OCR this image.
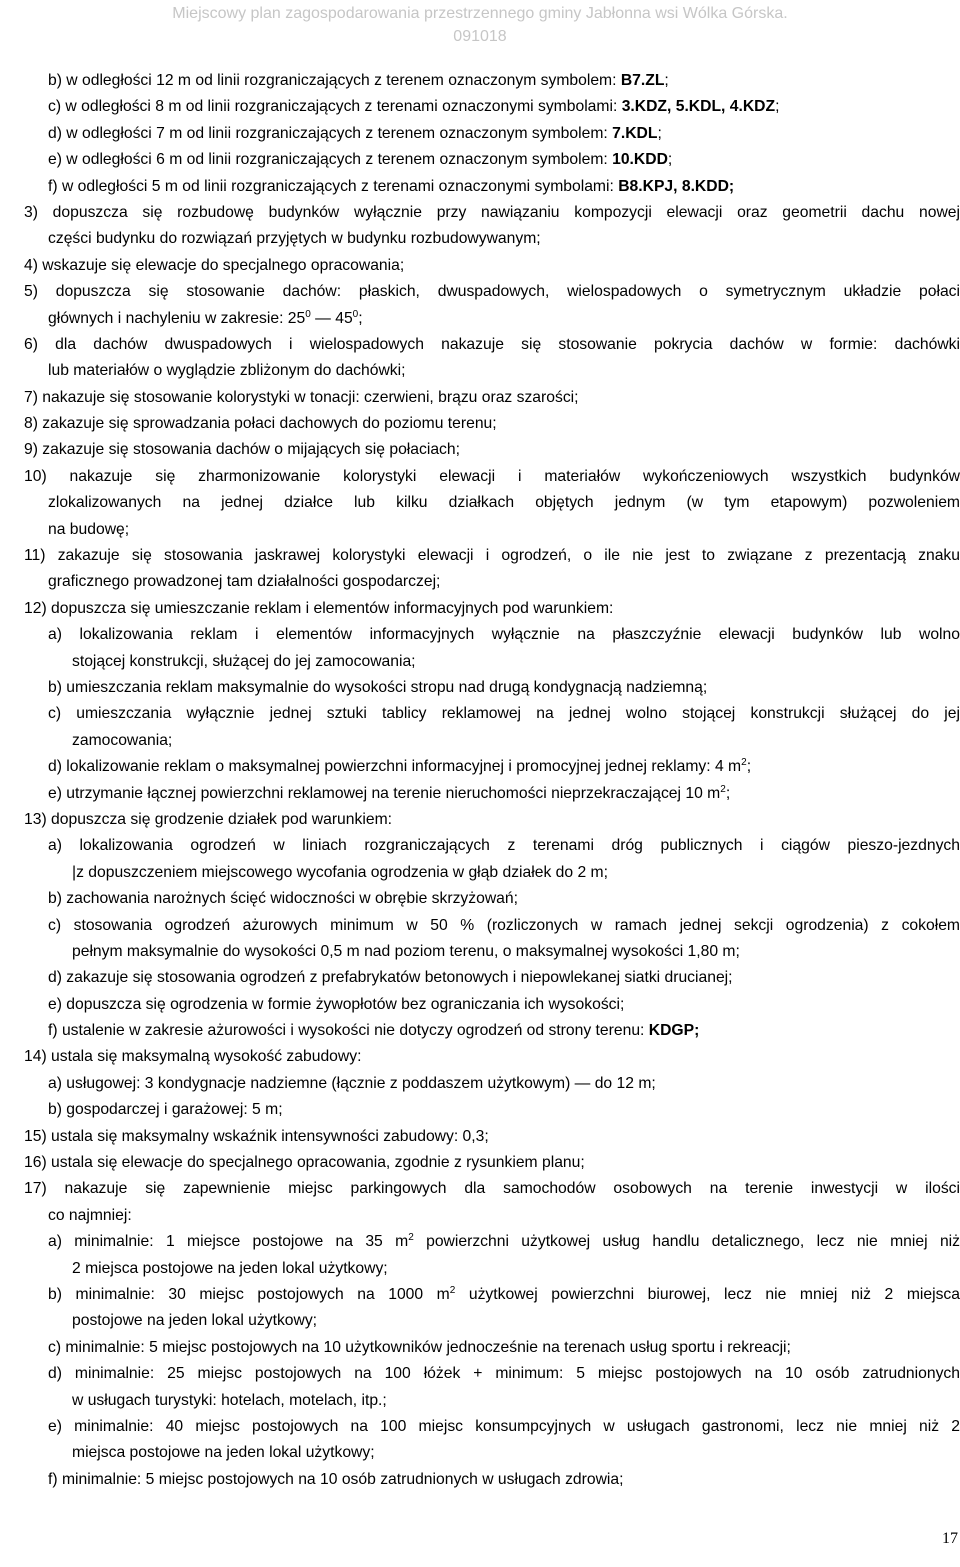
Miejscowy plan zagospodarowania przestrzennego gminy Jabłonna wsi Wólka Górska.
091018
b) w odległości 12 m od linii rozgraniczających z terenem oznaczonym symbolem: B7.ZL;
c) w odległości 8 m od linii rozgraniczających z terenami oznaczonymi symbolami: 3.KDZ, 5.KDL, 4.KDZ;
d) w odległości 7 m od linii rozgraniczających z terenem oznaczonym symbolem: 7.KDL;
e) w odległości 6 m od linii rozgraniczających z terenem oznaczonym symbolem: 10.KDD;
f) w odległości 5 m od linii rozgraniczających z terenami oznaczonymi symbolami: B8.KPJ, 8.KDD;
3) dopuszcza się rozbudowę budynków wyłącznie przy nawiązaniu kompozycji elewacji oraz geometrii dachu nowej
części budynku do rozwiązań przyjętych w budynku rozbudowywanym;
4) wskazuje się elewacje do specjalnego opracowania;
5) dopuszcza się stosowanie dachów: płaskich, dwuspadowych, wielospadowych o symetrycznym układzie połaci
głównych i nachyleniu w zakresie: $25^0$ — $45^0$;
6) dla dachów dwuspadowych i wielospadowych nakazuje się stosowanie pokrycia dachów w formie: dachówki
lub materiałów o wyglądzie zbliżonym do dachówki;
7) nakazuje się stosowanie kolorystyki w tonacji: czerwieni, brązu oraz szarości;
8) zakazuje się sprowadzania połaci dachowych do poziomu terenu;
9) zakazuje się stosowania dachów o mijających się połaciach;
10) nakazuje się zharmonizowanie kolorystyki elewacji i materiałów wykończeniowych wszystkich budynków
zlokalizowanych na jednej działce lub kilku działkach objętych jednym (w tym etapowym) pozwoleniem
na budowę;
11) zakazuje się stosowania jaskrawej kolorystyki elewacji i ogrodzeń, o ile nie jest to związane z prezentacją znaku
graficznego prowadzonej tam działalności gospodarczej;
12) dopuszcza się umieszczanie reklam i elementów informacyjnych pod warunkiem:
a) lokalizowania reklam i elementów informacyjnych wyłącznie na płaszczyźnie elewacji budynków lub wolno
stojącej konstrukcji, służącej do jej zamocowania;
b) umieszczania reklam maksymalnie do wysokości stropu nad drugą kondygnacją nadziemną;
c) umieszczania wyłącznie jednej sztuki tablicy reklamowej na jednej wolno stojącej konstrukcji służącej do jej
zamocowania;
d) lokalizowanie reklam o maksymalnej powierzchni informacyjnej i promocyjnej jednej reklamy: 4 $m^2$;
e) utrzymanie łącznej powierzchni reklamowej na terenie nieruchomości nieprzekraczającej 10 $m^2$;
13) dopuszcza się grodzenie działek pod warunkiem:
a) lokalizowania ogrodzeń w liniach rozgraniczających z terenami dróg publicznych i ciągów pieszo-jezdnych
|z dopuszczeniem miejscowego wycofania ogrodzenia w głąb działek do 2 m;
b) zachowania narożnych ścięć widoczności w obrębie skrzyżowań;
c) stosowania ogrodzeń ażurowych minimum w 50 % (rozliczonych w ramach jednej sekcji ogrodzenia) z cokołem
pełnym maksymalnie do wysokości 0,5 m nad poziom terenu, o maksymalnej wysokości 1,80 m;
d) zakazuje się stosowania ogrodzeń z prefabrykatów betonowych i niepowlekanej siatki drucianej;
e) dopuszcza się ogrodzenia w formie żywopłotów bez ograniczania ich wysokości;
f) ustalenie w zakresie ażurowości i wysokości nie dotyczy ogrodzeń od strony terenu: KDGP;
14) ustala się maksymalną wysokość zabudowy:
a) usługowej: 3 kondygnacje nadziemne (łącznie z poddaszem użytkowym) — do 12 m;
b) gospodarczej i garażowej: 5 m;
15) ustala się maksymalny wskaźnik intensywności zabudowy: 0,3;
16) ustala się elewacje do specjalnego opracowania, zgodnie z rysunkiem planu;
17) nakazuje się zapewnienie miejsc parkingowych dla samochodów osobowych na terenie inwestycji w ilości
co najmniej:
a) minimalnie: 1 miejsce postojowe na 35 $m^2$ powierzchni użytkowej usług handlu detalicznego, lecz nie mniej niż
2 miejsca postojowe na jeden lokal użytkowy;
b) minimalnie: 30 miejsc postojowych na 1000 $m^2$ użytkowej powierzchni biurowej, lecz nie mniej niż 2 miejsca
postojowe na jeden lokal użytkowy;
c) minimalnie: 5 miejsc postojowych na 10 użytkowników jednocześnie na terenach usług sportu i rekreacji;
d) minimalnie: 25 miejsc postojowych na 100 łóżek + minimum: 5 miejsc postojowych na 10 osób zatrudnionych
w usługach turystyki: hotelach, motelach, itp.;
e) minimalnie: 40 miejsc postojowych na 100 miejsc konsumpcyjnych w usługach gastronomi, lecz nie mniej niż 2
miejsca postojowe na jeden lokal użytkowy;
f) minimalnie: 5 miejsc postojowych na 10 osób zatrudnionych w usługach zdrowia;
17
